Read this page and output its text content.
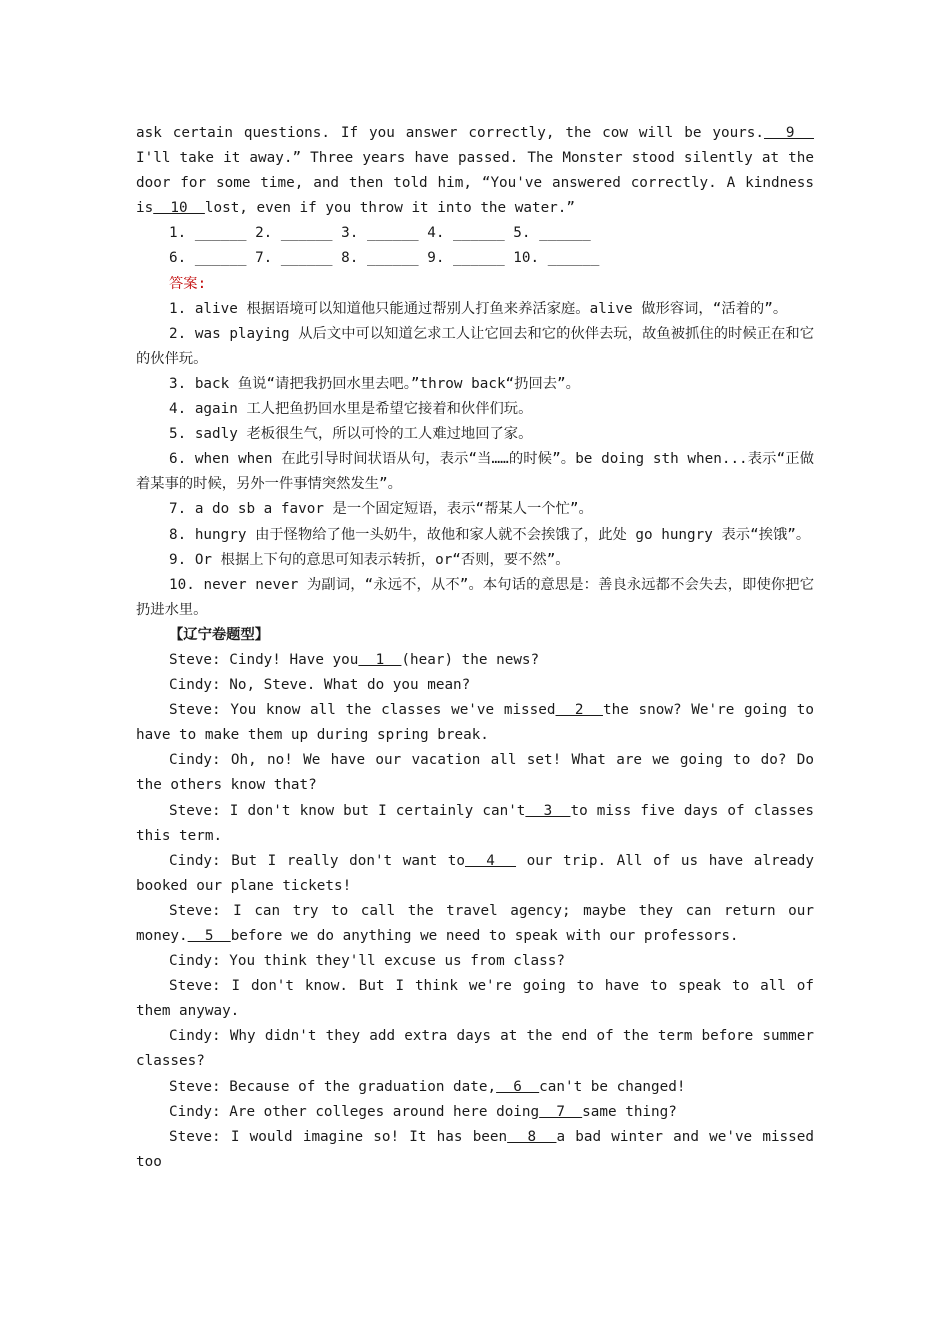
ask certain questions. If you answer correctly, the cow will be yours.  9   I'll take it away.” Three years have passed. The Monster stood silently at the door for some time, and then told him, “You've answered correctly. A kindness is  10  lost, even if you throw it into the water.”

1. ______ 2. ______ 3. ______ 4. ______ 5. ______

6. ______ 7. ______ 8. ______ 9. ______ 10. ______

答案:

1. alive 根据语境可以知道他只能通过帮别人打鱼来养活家庭。alive 做形容词，“活着的”。

2. was playing 从后文中可以知道乞求工人让它回去和它的伙伴去玩，故鱼被抓住的时候正在和它的伙伴玩。

3. back 鱼说“请把我扔回水里去吧。”throw back“扔回去”。

4. again 工人把鱼扔回水里是希望它接着和伙伴们玩。

5. sadly 老板很生气，所以可怜的工人难过地回了家。

6. when when 在此引导时间状语从句，表示“当……的时候”。be doing sth when...表示“正做着某事的时候，另外一件事情突然发生”。

7. a do sb a favor 是一个固定短语，表示“帮某人一个忙”。

8. hungry 由于怪物给了他一头奶牛，故他和家人就不会挨饿了，此处 go hungry 表示“挨饿”。

9. Or 根据上下句的意思可知表示转折，or“否则，要不然”。

10. never never 为副词，“永远不，从不”。本句话的意思是：善良永远都不会失去，即使你把它扔进水里。

【辽宁卷题型】

Steve: Cindy! Have you  1  (hear) the news?

Cindy: No, Steve. What do you mean?

Steve: You know all the classes we've missed  2  the snow? We're going to have to make them up during spring break.

Cindy: Oh, no! We have our vacation all set! What are we going to do? Do the others know that?

Steve: I don't know but I certainly can't  3  to miss five days of classes this term.

Cindy: But I really don't want to  4   our trip. All of us have already booked our plane tickets!

Steve: I can try to call the travel agency; maybe they can return our money.  5  before we do anything we need to speak with our professors.

Cindy: You think they'll excuse us from class?

Steve: I don't know. But I think we're going to have to speak to all of them anyway.

Cindy: Why didn't they add extra days at the end of the term before summer classes?

Steve: Because of the graduation date,  6  can't be changed!

Cindy: Are other colleges around here doing  7  same thing?

Steve: I would imagine so! It has been  8  a bad winter and we've missed too
